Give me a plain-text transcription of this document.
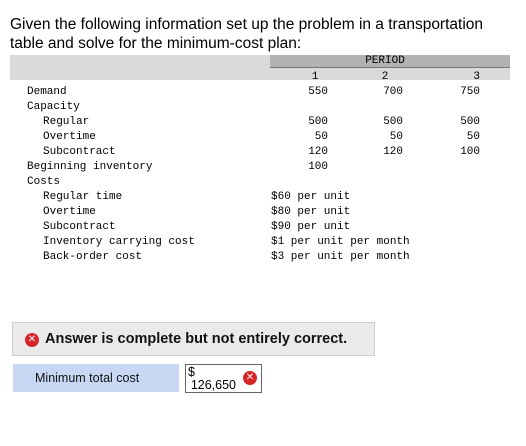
Given the following information set up the problem in a transportation table and solve for the minimum-cost plan:
PERIOD
1	2	3
Demand	550	700	750
Capacity
Regular	500	500	500
Overtime	50	50	50
Subcontract	120	120	100
Beginning inventory	100
Costs
Regular time	$60 per unit
Overtime	$80 per unit
Subcontract	$90 per unit
Inventory carrying cost	$1 per unit per month
Back-order cost	$3 per unit per month
✕ Answer is complete but not entirely correct.
Minimum total cost	$
126,650
✕
